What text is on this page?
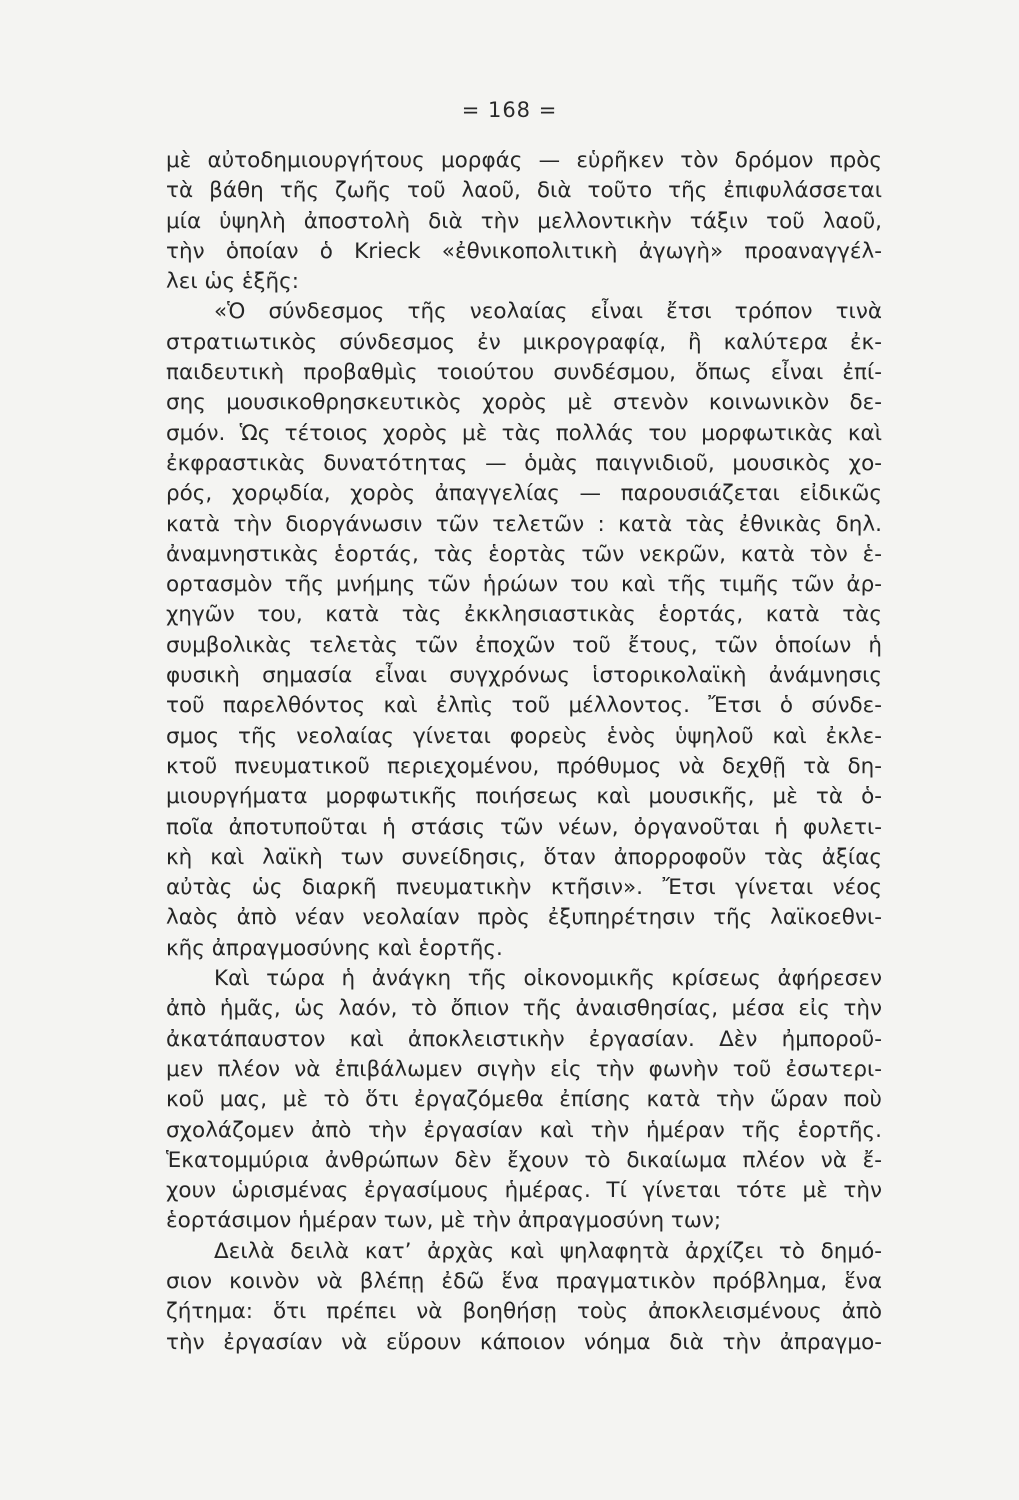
= 168 =
μὲ αὐτοδημιουργήτους μορφάς — εὑρῆκεν τὸν δρόμον πρὸς
τὰ βάθη τῆς ζωῆς τοῦ λαοῦ, διὰ τοῦτο τῆς ἐπιφυλάσσεται
μία ὑψηλὴ ἀποστολὴ διὰ τὴν μελλοντικὴν τάξιν τοῦ λαοῦ,
τὴν ὁποίαν ὁ Krieck «ἐθνικοπολιτικὴ ἀγωγὴ» προαναγγέλ-
λει ὡς ἑξῆς:
«Ὁ σύνδεσμος τῆς νεολαίας εἶναι ἔτσι τρόπον τινὰ
στρατιωτικὸς σύνδεσμος ἐν μικρογραφίᾳ, ἢ καλύτερα ἐκ-
παιδευτικὴ προβαθμὶς τοιούτου συνδέσμου, ὅπως εἶναι ἐπί-
σης μουσικοθρησκευτικὸς χορὸς μὲ στενὸν κοινωνικὸν δε-
σμόν. Ὡς τέτοιος χορὸς μὲ τὰς πολλάς του μορφωτικὰς καὶ
ἐκφραστικὰς δυνατότητας — ὁμὰς παιγνιδιοῦ, μουσικὸς χο-
ρός, χορῳδία, χορὸς ἀπαγγελίας — παρουσιάζεται εἰδικῶς
κατὰ τὴν διοργάνωσιν τῶν τελετῶν : κατὰ τὰς ἐθνικὰς δηλ.
ἀναμνηστικὰς ἑορτάς, τὰς ἑορτὰς τῶν νεκρῶν, κατὰ τὸν ἑ-
ορτασμὸν τῆς μνήμης τῶν ἡρώων του καὶ τῆς τιμῆς τῶν ἀρ-
χηγῶν του, κατὰ τὰς ἐκκλησιαστικὰς ἑορτάς, κατὰ τὰς
συμβολικὰς τελετὰς τῶν ἐποχῶν τοῦ ἔτους, τῶν ὁποίων ἡ
φυσικὴ σημασία εἶναι συγχρόνως ἱστορικολαϊκὴ ἀνάμνησις
τοῦ παρελθόντος καὶ ἐλπὶς τοῦ μέλλοντος. Ἔτσι ὁ σύνδε-
σμος τῆς νεολαίας γίνεται φορεὺς ἑνὸς ὑψηλοῦ καὶ ἐκλε-
κτοῦ πνευματικοῦ περιεχομένου, πρόθυμος νὰ δεχθῇ τὰ δη-
μιουργήματα μορφωτικῆς ποιήσεως καὶ μουσικῆς, μὲ τὰ ὁ-
ποῖα ἀποτυποῦται ἡ στάσις τῶν νέων, ὀργανοῦται ἡ φυλετι-
κὴ καὶ λαϊκὴ των συνείδησις, ὅταν ἀπορροφοῦν τὰς ἀξίας
αὐτὰς ὡς διαρκῆ πνευματικὴν κτῆσιν». Ἔτσι γίνεται νέος
λαὸς ἀπὸ νέαν νεολαίαν πρὸς ἐξυπηρέτησιν τῆς λαϊκοεθνι-
κῆς ἀπραγμοσύνης καὶ ἑορτῆς.
Καὶ τώρα ἡ ἀνάγκη τῆς οἰκονομικῆς κρίσεως ἀφήρεσεν
ἀπὸ ἡμᾶς, ὡς λαόν, τὸ ὄπιον τῆς ἀναισθησίας, μέσα εἰς τὴν
ἀκατάπαυστον καὶ ἀποκλειστικὴν ἐργασίαν. Δὲν ἠμποροῦ-
μεν πλέον νὰ ἐπιβάλωμεν σιγὴν εἰς τὴν φωνὴν τοῦ ἐσωτερι-
κοῦ μας, μὲ τὸ ὅτι ἐργαζόμεθα ἐπίσης κατὰ τὴν ὥραν ποὺ
σχολάζομεν ἀπὸ τὴν ἐργασίαν καὶ τὴν ἡμέραν τῆς ἑορτῆς.
Ἑκατομμύρια ἀνθρώπων δὲν ἔχουν τὸ δικαίωμα πλέον νὰ ἔ-
χουν ὡρισμένας ἐργασίμους ἡμέρας. Τί γίνεται τότε μὲ τὴν
ἑορτάσιμον ἡμέραν των, μὲ τὴν ἀπραγμοσύνη των;
Δειλὰ δειλὰ κατ’ ἀρχὰς καὶ ψηλαφητὰ ἀρχίζει τὸ δημό-
σιον κοινὸν νὰ βλέπῃ ἐδῶ ἕνα πραγματικὸν πρόβλημα, ἕνα
ζήτημα: ὅτι πρέπει νὰ βοηθήσῃ τοὺς ἀποκλεισμένους ἀπὸ
τὴν ἐργασίαν νὰ εὕρουν κάποιον νόημα διὰ τὴν ἀπραγμο-
